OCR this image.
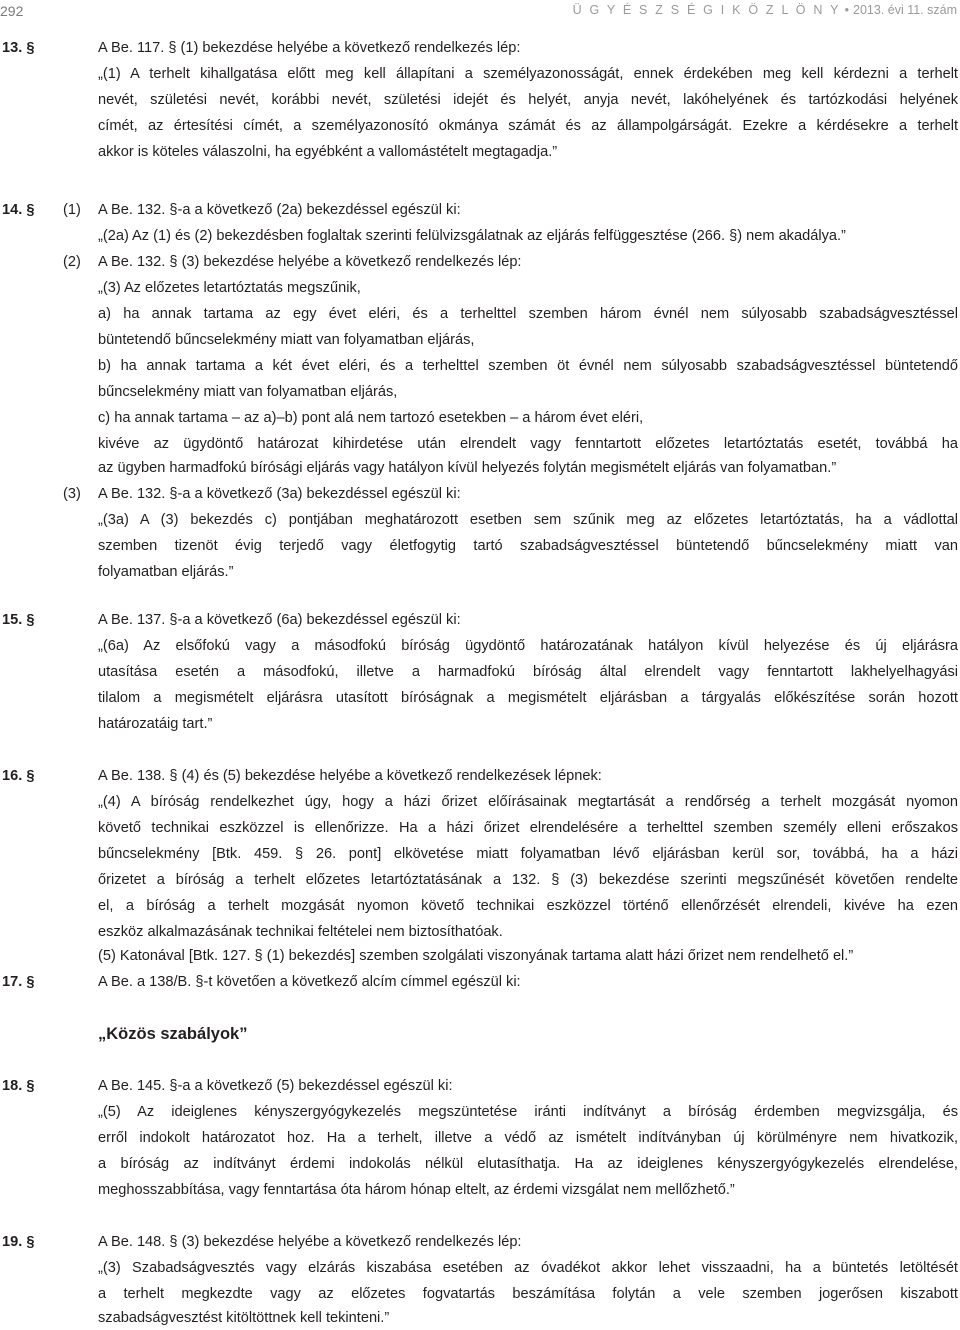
292	Ü G Y É S Z S É G I K Ö Z L Ö N Y • 2013. évi 11. szám
13. §
14. §
15. §
16. §
17. §
18. §
19. §
(1)
(2)
(3)
A Be. 117. § (1) bekezdése helyébe a következő rendelkezés lép:
„(1) A terhelt kihallgatása előtt meg kell állapítani a személyazonosságát, ennek érdekében meg kell kérdezni a terhelt
nevét, születési nevét, korábbi nevét, születési idejét és helyét, anyja nevét, lakóhelyének és tartózkodási helyének
címét, az értesítési címét, a személyazonosító okmánya számát és az állampolgárságát. Ezekre a kérdésekre a terhelt
akkor is köteles válaszolni, ha egyébként a vallomástételt megtagadja.”
A Be. 132. §-a a következő (2a) bekezdéssel egészül ki:
„(2a) Az (1) és (2) bekezdésben foglaltak szerinti felülvizsgálatnak az eljárás felfüggesztése (266. §) nem akadálya.”
A Be. 132. § (3) bekezdése helyébe a következő rendelkezés lép:
„(3) Az előzetes letartóztatás megszűnik,
a) ha annak tartama az egy évet eléri, és a terhelttel szemben három évnél nem súlyosabb szabadságvesztéssel
büntetendő bűncselekmény miatt van folyamatban eljárás,
b) ha annak tartama a két évet eléri, és a terhelttel szemben öt évnél nem súlyosabb szabadságvesztéssel büntetendő
bűncselekmény miatt van folyamatban eljárás,
c) ha annak tartama – az a)–b) pont alá nem tartozó esetekben – a három évet eléri,
kivéve az ügydöntő határozat kihirdetése után elrendelt vagy fenntartott előzetes letartóztatás esetét, továbbá ha
az ügyben harmadfokú bírósági eljárás vagy hatályon kívül helyezés folytán megismételt eljárás van folyamatban.”
A Be. 132. §-a a következő (3a) bekezdéssel egészül ki:
„(3a) A (3) bekezdés c) pontjában meghatározott esetben sem szűnik meg az előzetes letartóztatás, ha a vádlottal
szemben tizenöt évig terjedő vagy életfogytig tartó szabadságvesztéssel büntetendő bűncselekmény miatt van
folyamatban eljárás.”
A Be. 137. §-a a következő (6a) bekezdéssel egészül ki:
„(6a) Az elsőfokú vagy a másodfokú bíróság ügydöntő határozatának hatályon kívül helyezése és új eljárásra
utasítása esetén a másodfokú, illetve a harmadfokú bíróság által elrendelt vagy fenntartott lakhelyelhagyási
tilalom a megismételt eljárásra utasított bíróságnak a megismételt eljárásban a tárgyalás előkészítése során hozott
határozatáig tart.”
A Be. 138. § (4) és (5) bekezdése helyébe a következő rendelkezések lépnek:
„(4) A bíróság rendelkezhet úgy, hogy a házi őrizet előírásainak megtartását a rendőrség a terhelt mozgását nyomon
követő technikai eszközzel is ellenőrizze. Ha a házi őrizet elrendelésére a terhelttel szemben személy elleni erőszakos
bűncselekmény [Btk. 459. § 26. pont] elkövetése miatt folyamatban lévő eljárásban kerül sor, továbbá, ha a házi
őrizetet a bíróság a terhelt előzetes letartóztatásának a 132. § (3) bekezdése szerinti megszűnését követően rendelte
el, a bíróság a terhelt mozgását nyomon követő technikai eszközzel történő ellenőrzését elrendeli, kivéve ha ezen
eszköz alkalmazásának technikai feltételei nem biztosíthatóak.
(5) Katonával [Btk. 127. § (1) bekezdés] szemben szolgálati viszonyának tartama alatt házi őrizet nem rendelhető el.”
A Be. a 138/B. §-t követően a következő alcím címmel egészül ki:
„Közös szabályok”
A Be. 145. §-a a következő (5) bekezdéssel egészül ki:
„(5) Az ideiglenes kényszergyógykezelés megszüntetése iránti indítványt a bíróság érdemben megvizsgálja, és
erről indokolt határozatot hoz. Ha a terhelt, illetve a védő az ismételt indítványban új körülményre nem hivatkozik,
a bíróság az indítványt érdemi indokolás nélkül elutasíthatja. Ha az ideiglenes kényszergyógykezelés elrendelése,
meghosszabbítása, vagy fenntartása óta három hónap eltelt, az érdemi vizsgálat nem mellőzhető.”
A Be. 148. § (3) bekezdése helyébe a következő rendelkezés lép:
„(3) Szabadságvesztés vagy elzárás kiszabása esetében az óvadékot akkor lehet visszaadni, ha a büntetés letöltését
a terhelt megkezdte vagy az előzetes fogvatartás beszámítása folytán a vele szemben jogerősen kiszabott
szabadságvesztést kitöltöttnek kell tekinteni.”
